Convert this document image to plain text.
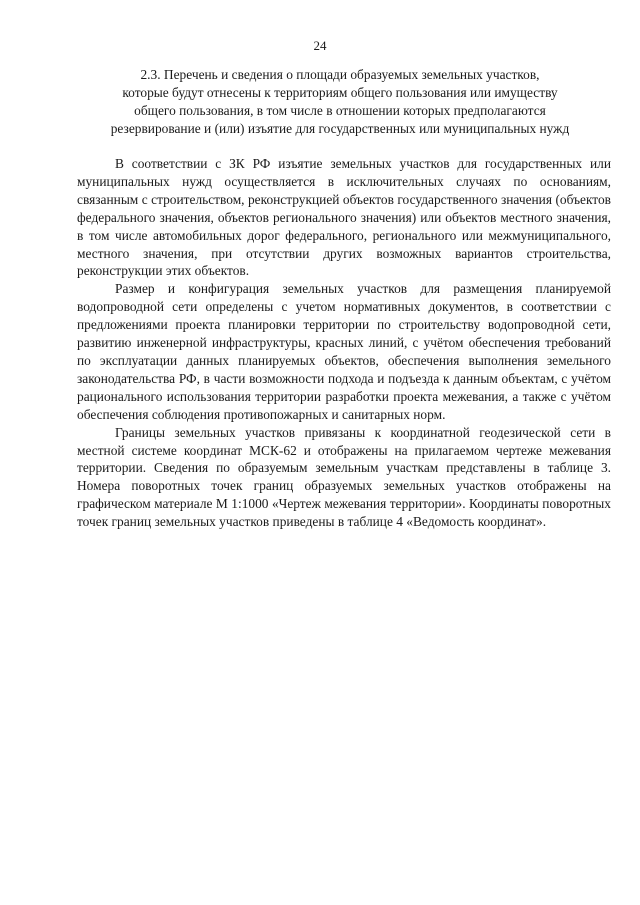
24
2.3. Перечень и сведения о площади образуемых земельных участков,
которые будут отнесены к территориям общего пользования или имуществу
общего пользования, в том числе в отношении которых предполагаются
резервирование и (или) изъятие для государственных или муниципальных нужд

В соответствии с ЗК РФ изъятие земельных участков для государственных или муниципальных нужд осуществляется в исключительных случаях по основаниям, связанным с строительством, реконструкцией объектов государственного значения (объектов федерального значения, объектов регионального значения) или объектов местного значения, в том числе автомобильных дорог федерального, регионального или межмуниципального, местного значения, при отсутствии других возможных вариантов строительства, реконструкции этих объектов.

Размер и конфигурация земельных участков для размещения планируемой водопроводной сети определены с учетом нормативных документов, в соответствии с предложениями проекта планировки территории по строительству водопроводной сети, развитию инженерной инфраструктуры, красных линий, с учётом обеспечения требований по эксплуатации данных планируемых объектов, обеспечения выполнения земельного законодательства РФ, в части возможности подхода и подъезда к данным объектам, с учётом рационального использования территории разработки проекта межевания, а также с учётом обеспечения соблюдения противопожарных и санитарных норм.

Границы земельных участков привязаны к координатной геодезической сети в местной системе координат МСК-62 и отображены на прилагаемом чертеже межевания территории. Сведения по образуемым земельным участкам представлены в таблице 3. Номера поворотных точек границ образуемых земельных участков отображены на графическом материале М 1:1000 «Чертеж межевания территории». Координаты поворотных точек границ земельных участков приведены в таблице 4 «Ведомость координат».
